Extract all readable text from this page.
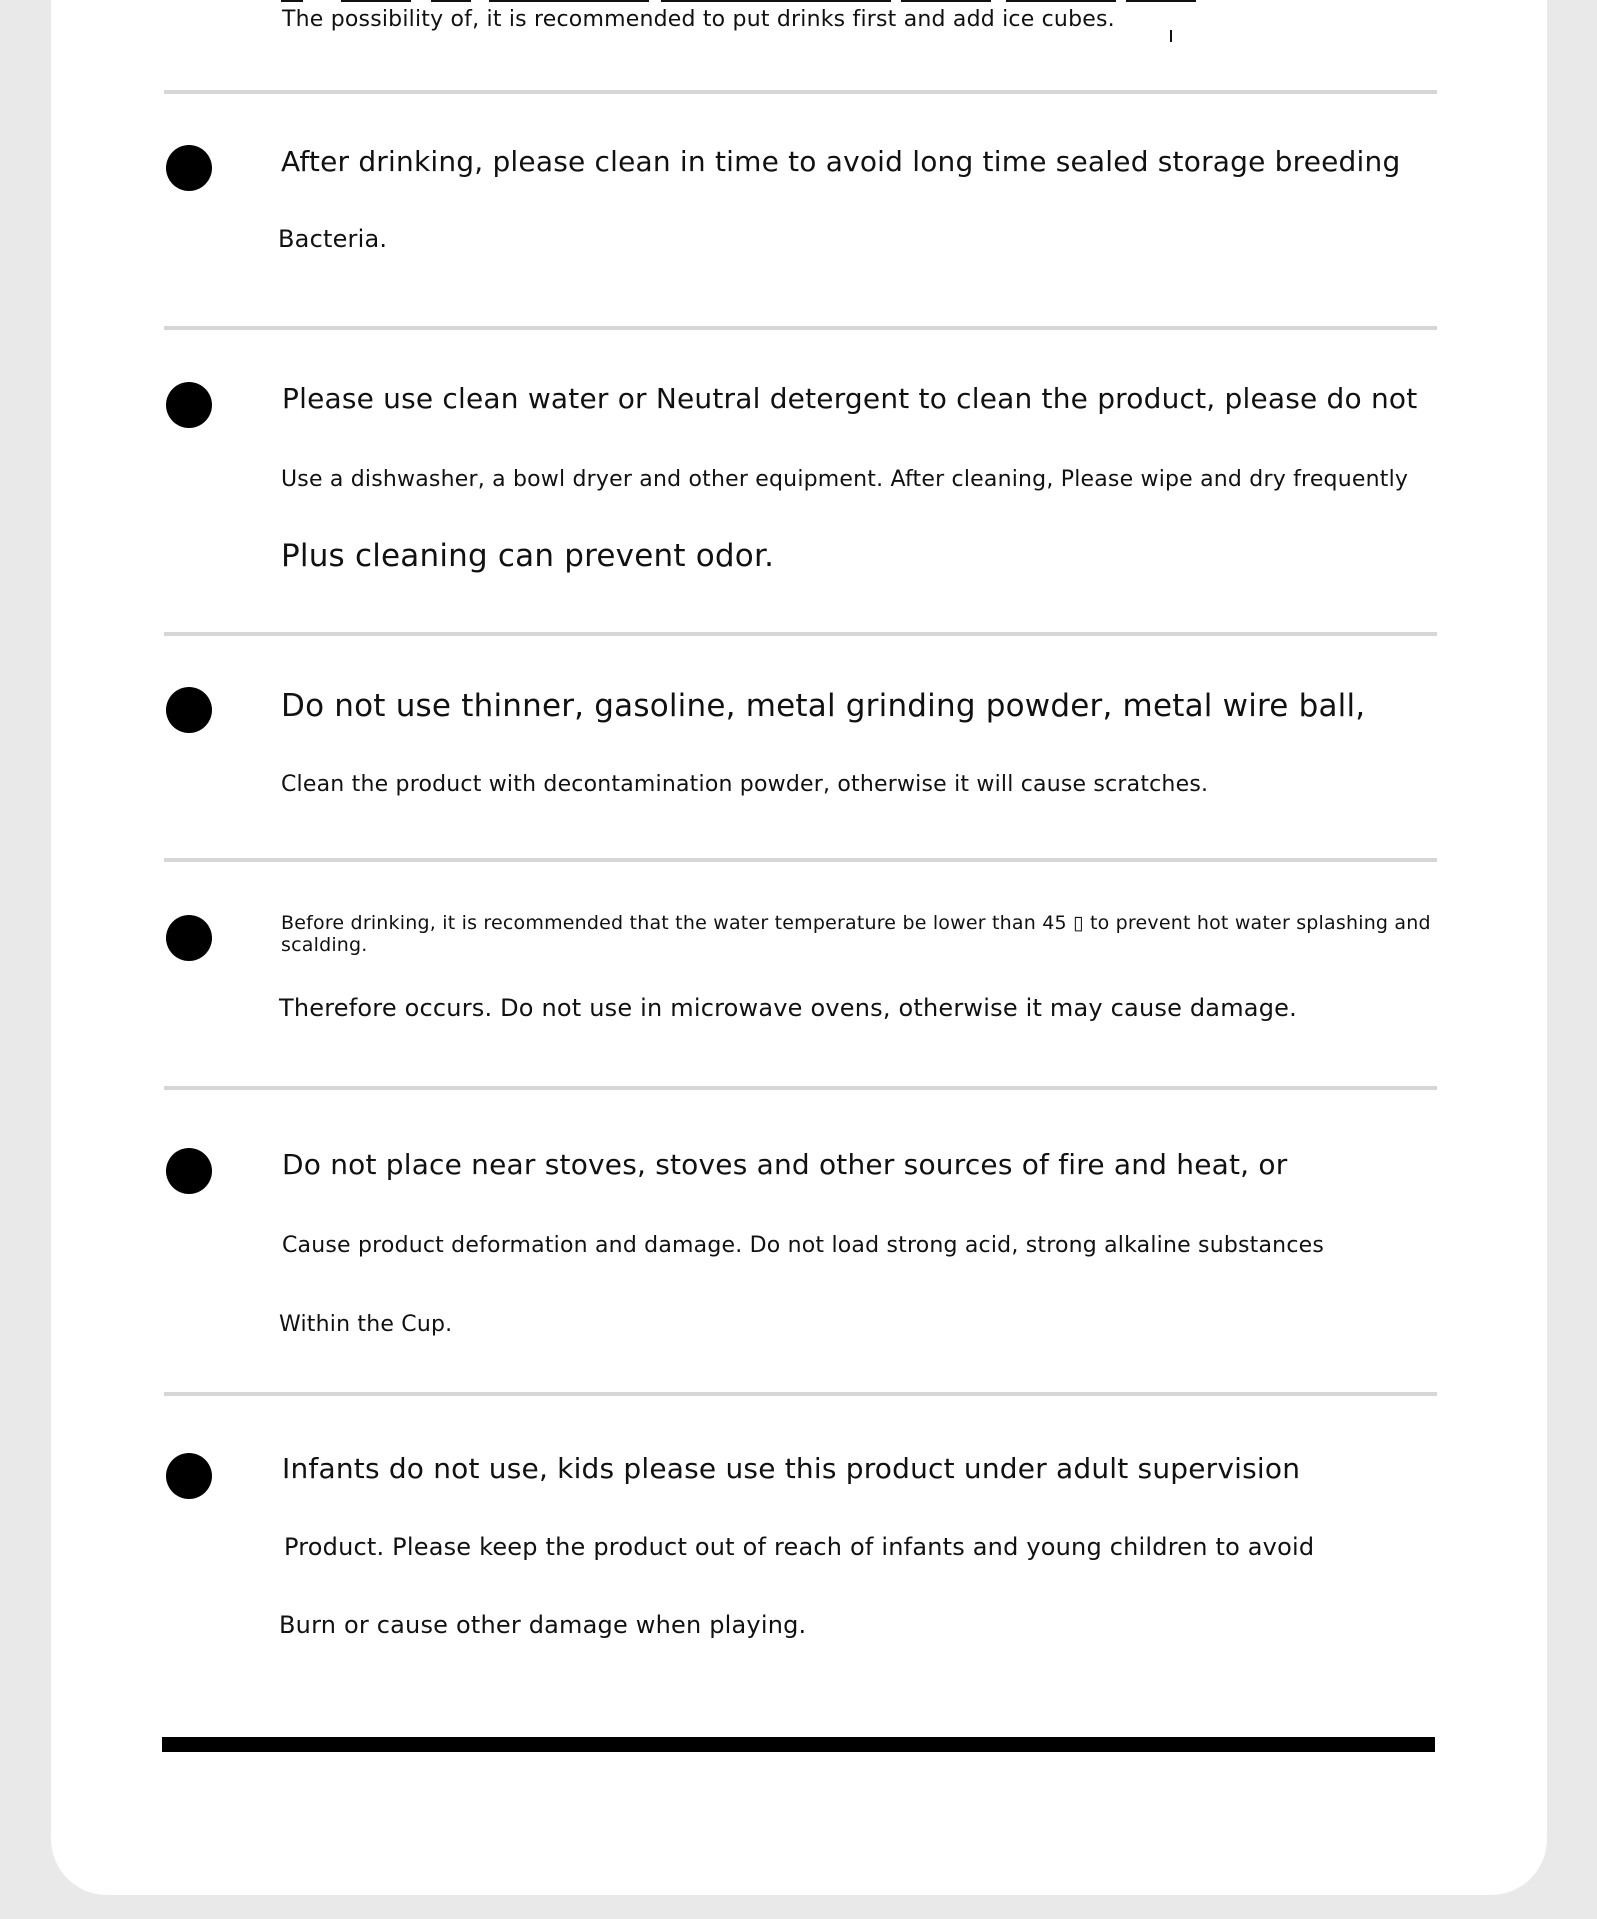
The possibility of, it is recommended to put drinks first and add ice cubes.
After drinking, please clean in time to avoid long time sealed storage breeding
Bacteria.
Please use clean water or Neutral detergent to clean the product, please do not
Use a dishwasher, a bowl dryer and other equipment. After cleaning, Please wipe and dry frequently
Plus cleaning can prevent odor.
Do not use thinner, gasoline, metal grinding powder, metal wire ball,
Clean the product with decontamination powder, otherwise it will cause scratches.
Before drinking, it is recommended that the water temperature be lower than 45 ▯ to prevent hot water splashing and
scalding.
Therefore occurs. Do not use in microwave ovens, otherwise it may cause damage.
Do not place near stoves, stoves and other sources of fire and heat, or
Cause product deformation and damage. Do not load strong acid, strong alkaline substances
Within the Cup.
Infants do not use, kids please use this product under adult supervision
Product. Please keep the product out of reach of infants and young children to avoid
Burn or cause other damage when playing.
